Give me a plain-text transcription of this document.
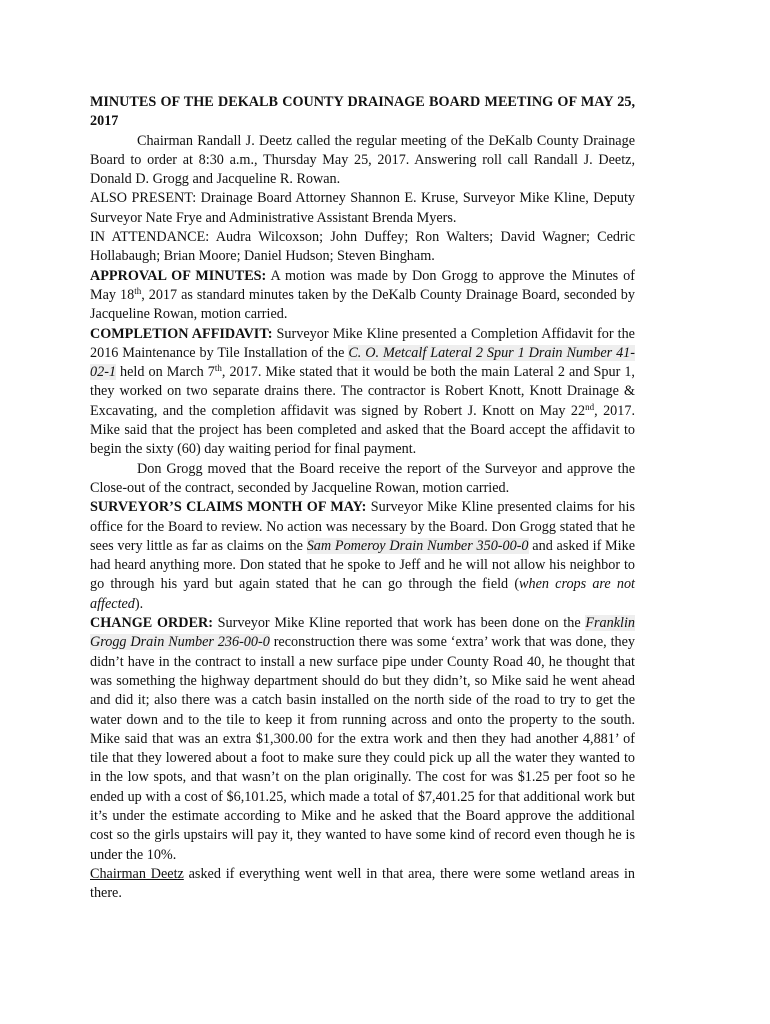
MINUTES OF THE DEKALB COUNTY DRAINAGE BOARD MEETING OF MAY 25, 2017

Chairman Randall J. Deetz called the regular meeting of the DeKalb County Drainage Board to order at 8:30 a.m., Thursday May 25, 2017. Answering roll call Randall J. Deetz, Donald D. Grogg and Jacqueline R. Rowan.

ALSO PRESENT: Drainage Board Attorney Shannon E. Kruse, Surveyor Mike Kline, Deputy Surveyor Nate Frye and Administrative Assistant Brenda Myers.

IN ATTENDANCE: Audra Wilcoxson; John Duffey; Ron Walters; David Wagner; Cedric Hollabaugh; Brian Moore; Daniel Hudson; Steven Bingham.

APPROVAL OF MINUTES: A motion was made by Don Grogg to approve the Minutes of May 18th, 2017 as standard minutes taken by the DeKalb County Drainage Board, seconded by Jacqueline Rowan, motion carried.

COMPLETION AFFIDAVIT: Surveyor Mike Kline presented a Completion Affidavit for the 2016 Maintenance by Tile Installation of the C. O. Metcalf Lateral 2 Spur 1 Drain Number 41-02-1 held on March 7th, 2017. Mike stated that it would be both the main Lateral 2 and Spur 1, they worked on two separate drains there. The contractor is Robert Knott, Knott Drainage & Excavating, and the completion affidavit was signed by Robert J. Knott on May 22nd, 2017. Mike said that the project has been completed and asked that the Board accept the affidavit to begin the sixty (60) day waiting period for final payment.

Don Grogg moved that the Board receive the report of the Surveyor and approve the Close-out of the contract, seconded by Jacqueline Rowan, motion carried.

SURVEYOR’S CLAIMS MONTH OF MAY: Surveyor Mike Kline presented claims for his office for the Board to review. No action was necessary by the Board. Don Grogg stated that he sees very little as far as claims on the Sam Pomeroy Drain Number 350-00-0 and asked if Mike had heard anything more. Don stated that he spoke to Jeff and he will not allow his neighbor to go through his yard but again stated that he can go through the field (when crops are not affected).

CHANGE ORDER: Surveyor Mike Kline reported that work has been done on the Franklin Grogg Drain Number 236-00-0 reconstruction there was some ‘extra’ work that was done, they didn’t have in the contract to install a new surface pipe under County Road 40, he thought that was something the highway department should do but they didn’t, so Mike said he went ahead and did it; also there was a catch basin installed on the north side of the road to try to get the water down and to the tile to keep it from running across and onto the property to the south. Mike said that was an extra $1,300.00 for the extra work and then they had another 4,881’ of tile that they lowered about a foot to make sure they could pick up all the water they wanted to in the low spots, and that wasn’t on the plan originally. The cost for was $1.25 per foot so he ended up with a cost of $6,101.25, which made a total of $7,401.25 for that additional work but it’s under the estimate according to Mike and he asked that the Board approve the additional cost so the girls upstairs will pay it, they wanted to have some kind of record even though he is under the 10%.

Chairman Deetz asked if everything went well in that area, there were some wetland areas in there.
